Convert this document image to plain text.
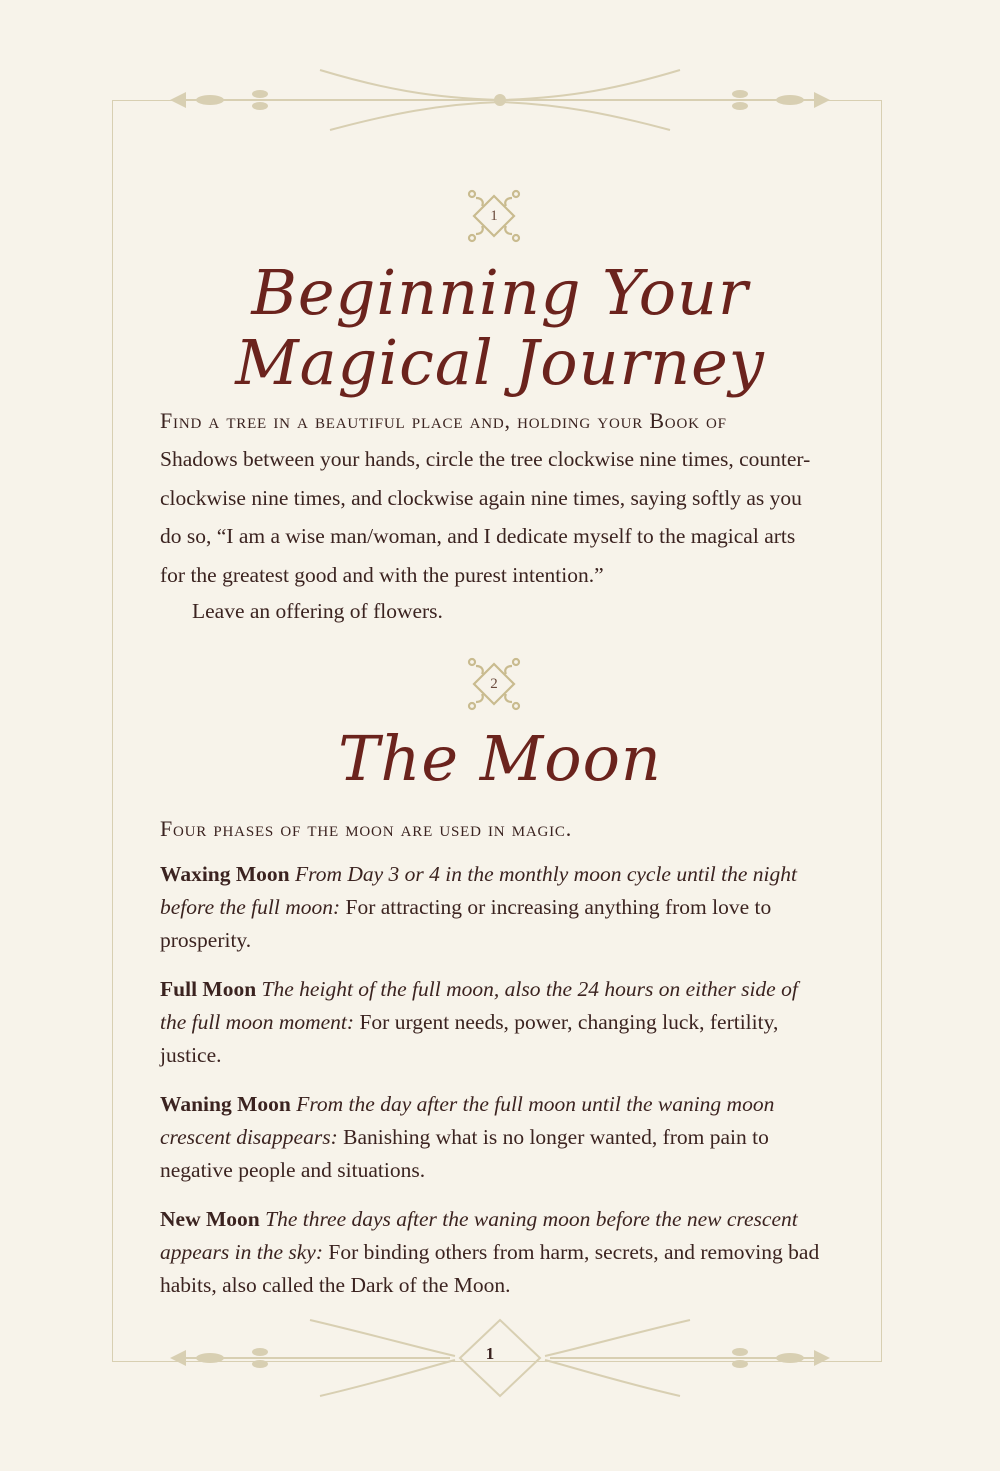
1
Beginning Your
Magical Journey

Find a tree in a beautiful place and, holding your Book of

Shadows between your hands, circle the tree clockwise nine times, counter-clockwise nine times, and clockwise again nine times, saying softly as you do so, “I am a wise man/woman, and I dedicate myself to the magical arts for the greatest good and with the purest intention.”

Leave an offering of flowers.

2
The Moon

Four phases of the moon are used in magic.

Waxing Moon From Day 3 or 4 in the monthly moon cycle until the night before the full moon: For attracting or increasing anything from love to prosperity.

Full Moon The height of the full moon, also the 24 hours on either side of the full moon moment: For urgent needs, power, changing luck, fertility, justice.

Waning Moon From the day after the full moon until the waning moon crescent disappears: Banishing what is no longer wanted, from pain to negative people and situations.

New Moon The three days after the waning moon before the new crescent appears in the sky: For binding others from harm, secrets, and removing bad habits, also called the Dark of the Moon.

1
